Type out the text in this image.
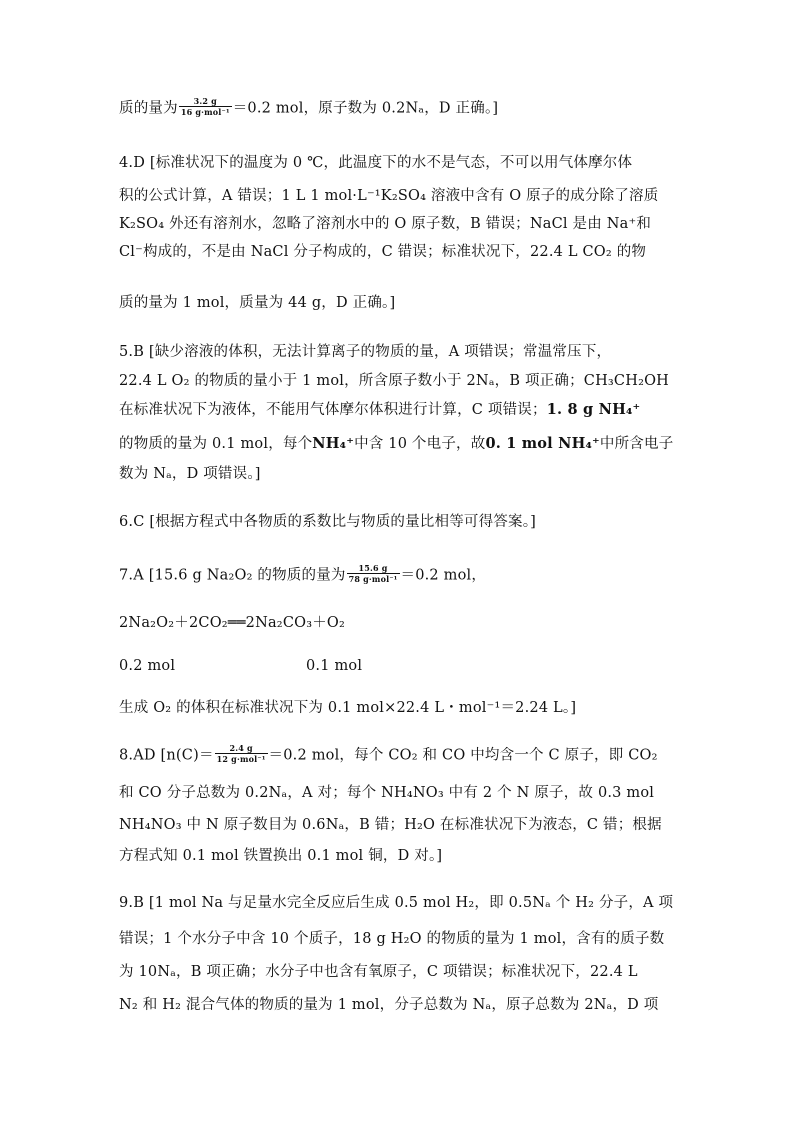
质的量为 $\frac{3.2 g}{\text{16 g·mol⁻¹}} =0.2$ mol，原子数为 0.2Nₐ，D 正确。]
4.D [标准状况下的温度为 0 ℃，此温度下的水不是气态，不可以用气体摩尔体
积的公式计算，A 错误；1 L 1 mol·L⁻¹K₂SO₄ 溶液中含有 O 原子的成分除了溶质
K₂SO₄ 外还有溶剂水，忽略了溶剂水中的 O 原子数，B 错误；NaCl 是由 Na⁺和
Cl⁻构成的，不是由 NaCl 分子构成的，C 错误；标准状况下，22.4 L CO₂ 的物
质的量为 1 mol，质量为 44 g，D 正确。]
5.B [缺少溶液的体积，无法计算离子的物质的量，A 项错误；常温常压下，
22.4 L O₂ 的物质的量小于 1 mol，所含原子数小于 2Nₐ，B 项正确；CH₃CH₂OH
在标准状况下为液体，不能用气体摩尔体积进行计算，C 项错误；1. 8 g NH₄⁺
的物质的量为 0.1 mol，每个NH₄⁺中含 10 个电子，故0. 1 mol NH₄⁺中所含电子
数为 Nₐ，D 项错误。]
6.C [根据方程式中各物质的系数比与物质的量比相等可得答案。]
7.A [15.6 g Na₂O₂ 的物质的量为 $\frac{15.6 g}{\text{78 g·mol⁻¹}} =0.2$ mol，
2Na₂O₂＋2CO₂══2Na₂CO₃＋O₂
0.2 mol	0.1 mol
生成 O₂ 的体积在标准状况下为 0.1 mol×22.4 L・mol⁻¹＝2.24 L。]
8.AD [$n(C)= \frac{2.4 g}{\text{12 g·mol⁻¹}} =0.2$ mol，每个 CO₂ 和 CO 中均含一个 C 原子，即 CO₂
和 CO 分子总数为 0.2Nₐ，A 对；每个 NH₄NO₃ 中有 2 个 N 原子，故 0.3 mol
NH₄NO₃ 中 N 原子数目为 0.6Nₐ，B 错；H₂O 在标准状况下为液态，C 错；根据
方程式知 0.1 mol 铁置换出 0.1 mol 铜，D 对。]
9.B [1 mol Na 与足量水完全反应后生成 0.5 mol H₂，即 0.5Nₐ 个 H₂ 分子，A 项
错误；1 个水分子中含 10 个质子，18 g H₂O 的物质的量为 1 mol，含有的质子数
为 10Nₐ，B 项正确；水分子中也含有氧原子，C 项错误；标准状况下，22.4 L
N₂ 和 H₂ 混合气体的物质的量为 1 mol，分子总数为 Nₐ，原子总数为 2Nₐ，D 项
